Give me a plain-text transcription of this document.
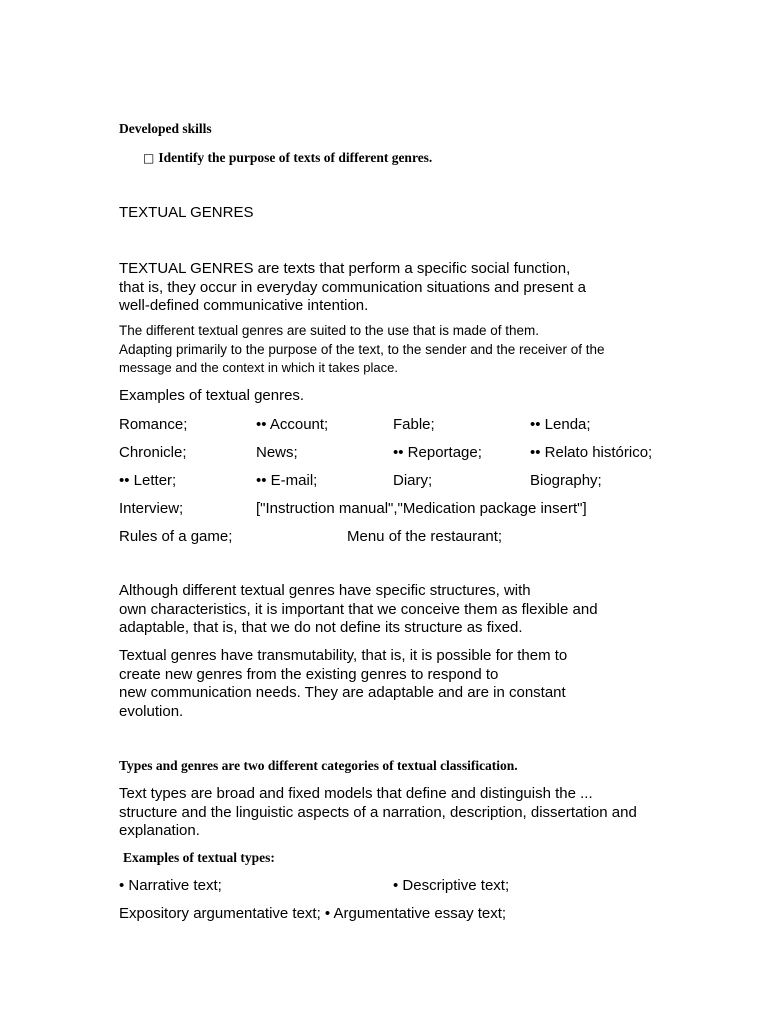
Developed skills
□ Identify the purpose of texts of different genres.
TEXTUAL GENRES
TEXTUAL GENRES are texts that perform a specific social function,
that is, they occur in everyday communication situations and present a
well-defined communicative intention.
The different textual genres are suited to the use that is made of them.
Adapting primarily to the purpose of the text, to the sender and the receiver of the
message and the context in which it takes place.
Examples of textual genres.
Romance;	•• Account;	Fable;	•• Lenda;
Chronicle;	News;	•• Reportage;	•• Relato histórico;
•• Letter;	•• E-mail;	Diary;	Biography;
Interview;	["Instruction manual","Medication package insert"]
Rules of a game;	Menu of the restaurant;
Although different textual genres have specific structures, with
own characteristics, it is important that we conceive them as flexible and
adaptable, that is, that we do not define its structure as fixed.
Textual genres have transmutability, that is, it is possible for them to
create new genres from the existing genres to respond to
new communication needs. They are adaptable and are in constant
evolution.
Types and genres are two different categories of textual classification.
Text types are broad and fixed models that define and distinguish the ...
structure and the linguistic aspects of a narration, description, dissertation and
explanation.
Examples of textual types:
• Narrative text;	• Descriptive text;
Expository argumentative text; • Argumentative essay text;
